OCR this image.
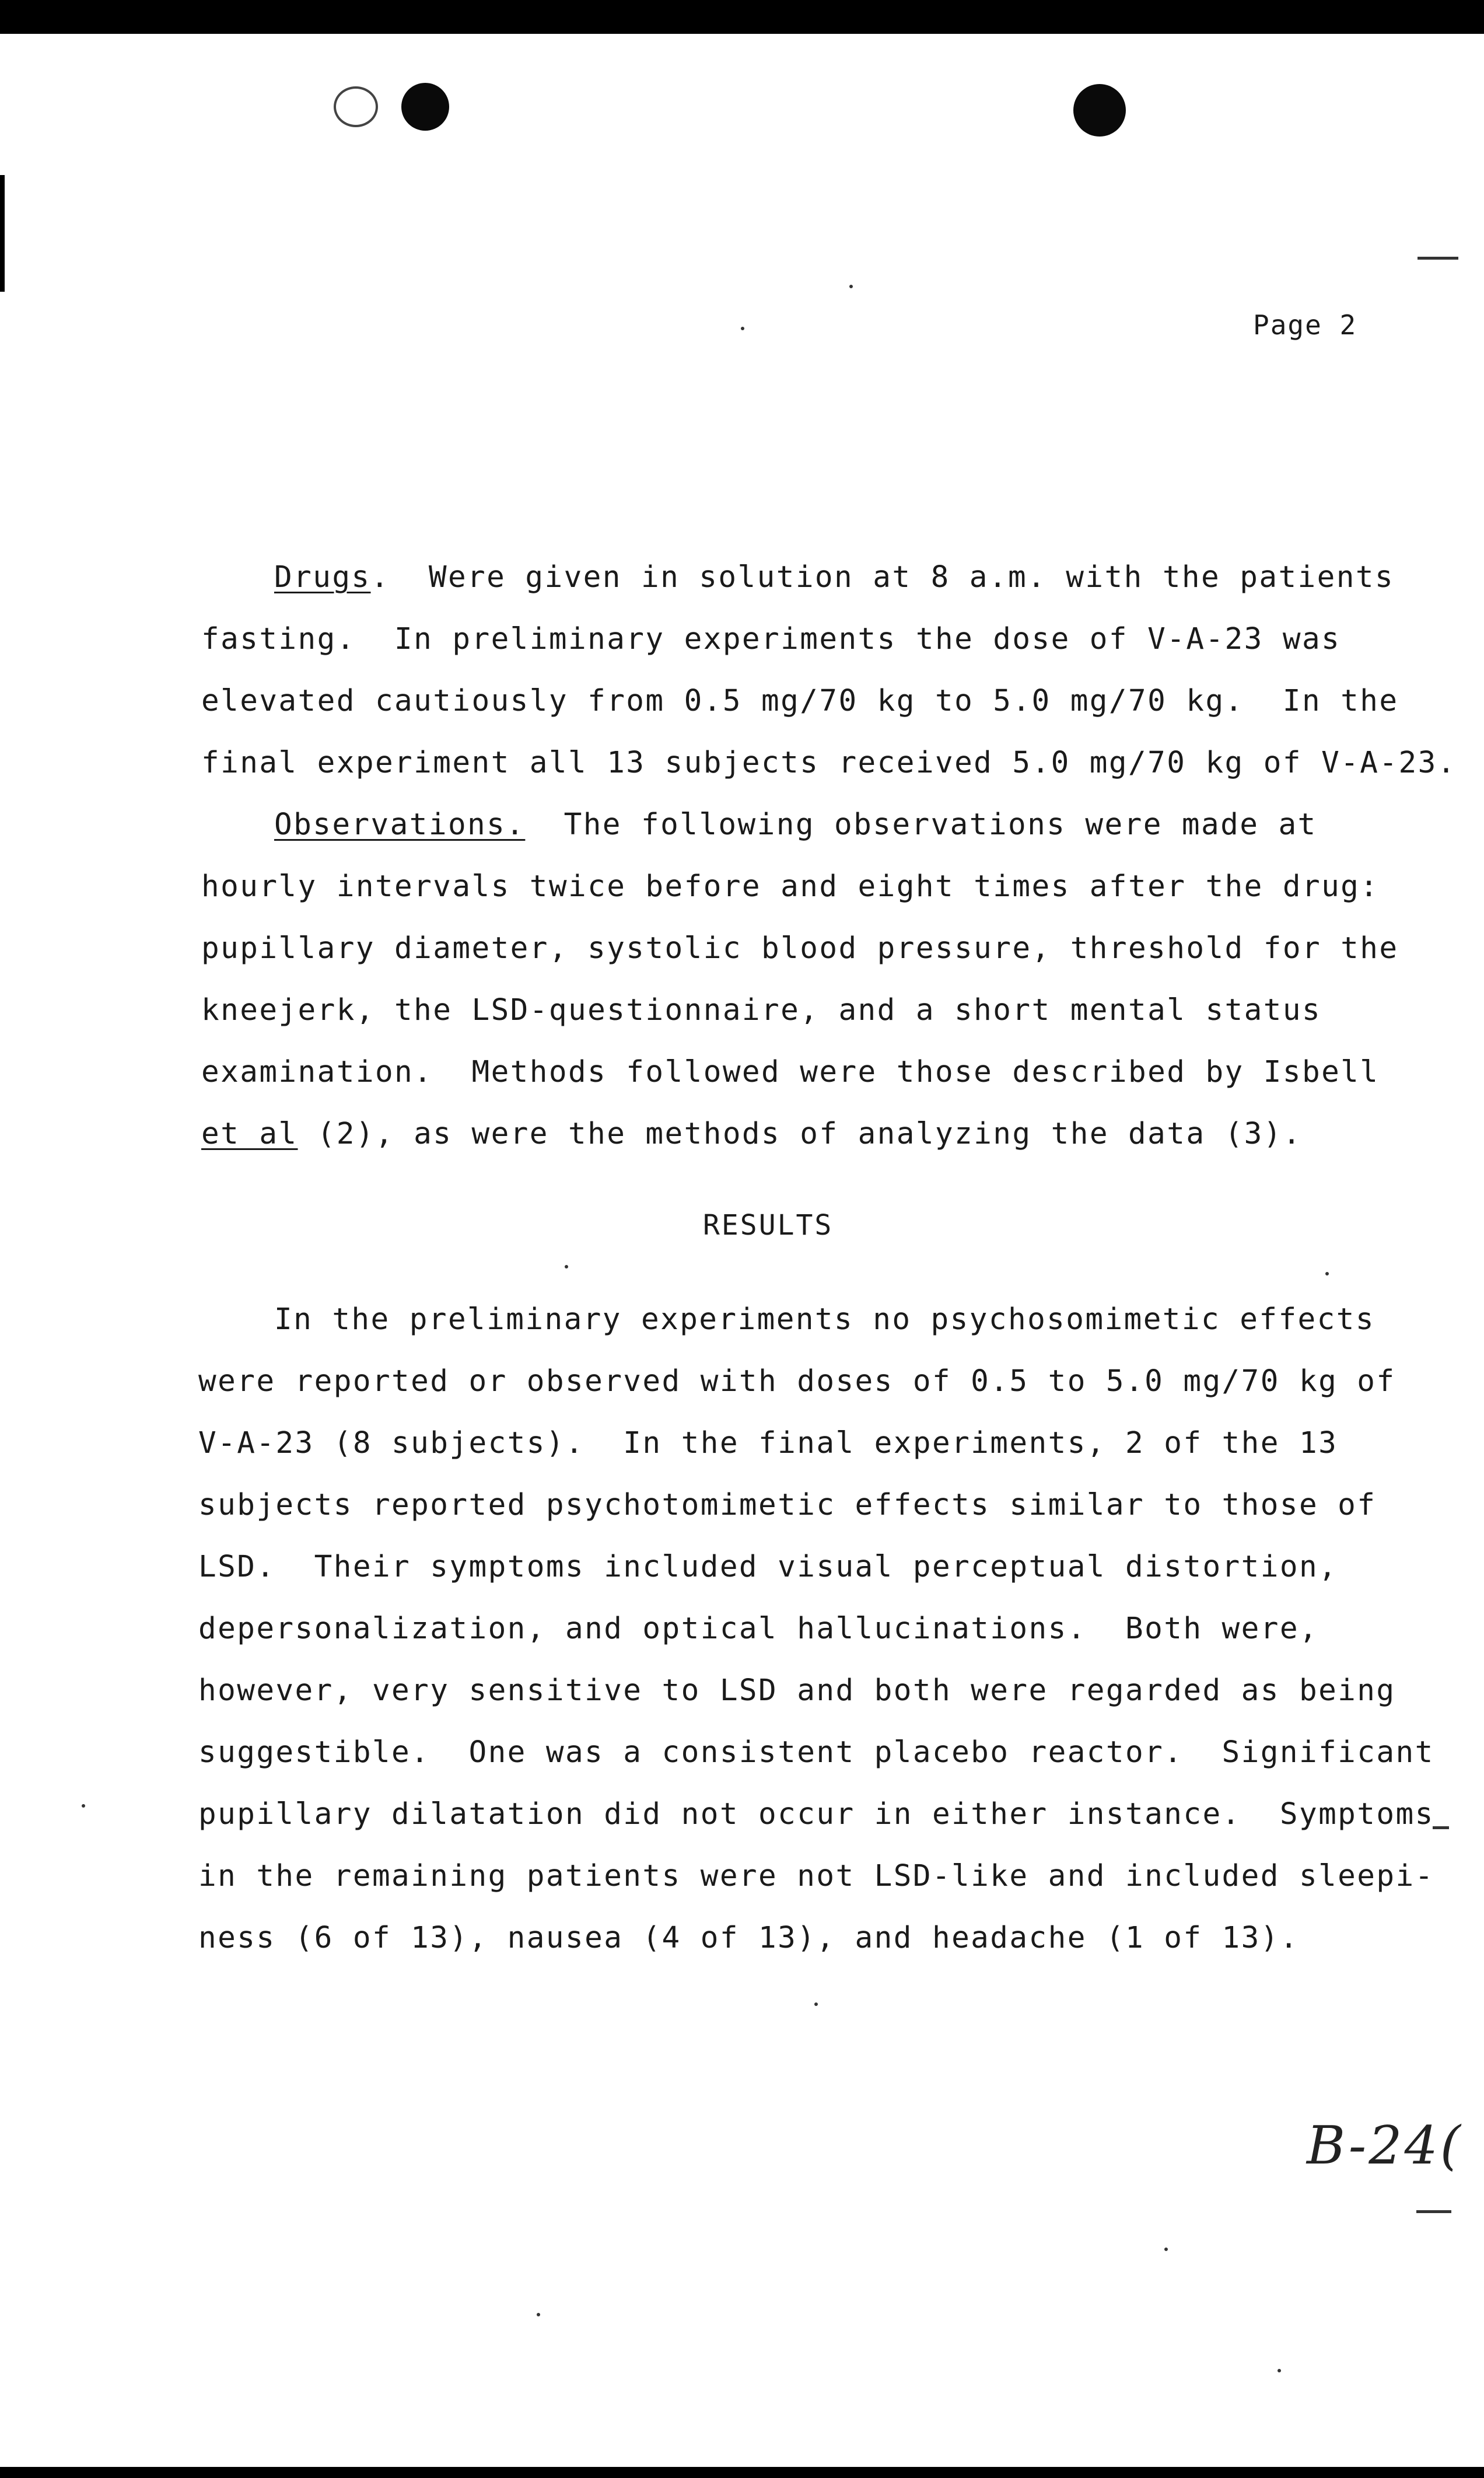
Page 2
Drugs.  Were given in solution at 8 a.m. with the patients
fasting.  In preliminary experiments the dose of V-A-23 was
elevated cautiously from 0.5 mg/70 kg to 5.0 mg/70 kg.  In the
final experiment all 13 subjects received 5.0 mg/70 kg of V-A-23.
Observations.  The following observations were made at
hourly intervals twice before and eight times after the drug:
pupillary diameter, systolic blood pressure, threshold for the
kneejerk, the LSD-questionnaire, and a short mental status
examination.  Methods followed were those described by Isbell
et al (2), as were the methods of analyzing the data (3).
RESULTS
In the preliminary experiments no psychosomimetic effects
were reported or observed with doses of 0.5 to 5.0 mg/70 kg of
V-A-23 (8 subjects).  In the final experiments, 2 of the 13
subjects reported psychotomimetic effects similar to those of
LSD.  Their symptoms included visual perceptual distortion,
depersonalization, and optical hallucinations.  Both were,
however, very sensitive to LSD and both were regarded as being
suggestible.  One was a consistent placebo reactor.  Significant
pupillary dilatation did not occur in either instance.  Symptoms
in the remaining patients were not LSD-like and included sleepi-
ness (6 of 13), nausea (4 of 13), and headache (1 of 13).
B-24(
